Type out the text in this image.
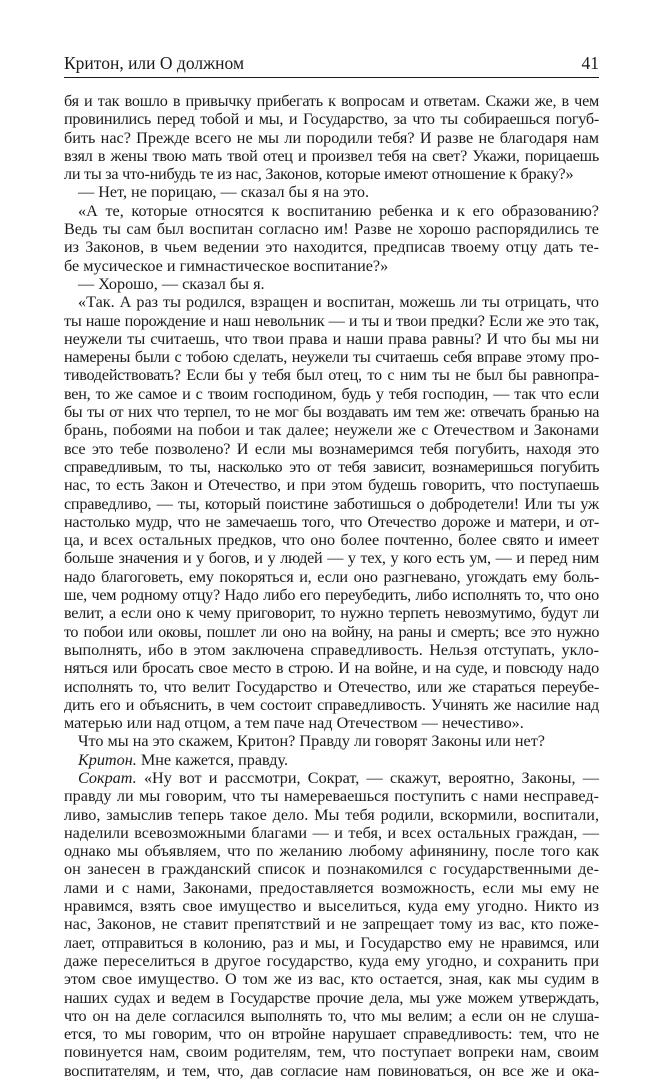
Критон, или О должном	41
бя и так вошло в привычку прибегать к вопросам и ответам. Скажи же, в чем
провинились перед тобой и мы, и Государство, за что ты собираешься погуб-
бить нас? Прежде всего не мы ли породили тебя? И разве не благодаря нам
взял в жены твою мать твой отец и произвел тебя на свет? Укажи, порицаешь
ли ты за что-нибудь те из нас, Законов, которые имеют отношение к браку?»
— Нет, не порицаю, — сказал бы я на это.
«А те, которые относятся к воспитанию ребенка и к его образованию?
Ведь ты сам был воспитан согласно им! Разве не хорошо распорядились те
из Законов, в чьем ведении это находится, предписав твоему отцу дать те-
бе мусическое и гимнастическое воспитание?»
— Хорошо, — сказал бы я.
«Так. А раз ты родился, взращен и воспитан, можешь ли ты отрицать, что
ты наше порождение и наш невольник — и ты и твои предки? Если же это так,
неужели ты считаешь, что твои права и наши права равны? И что бы мы ни
намерены были с тобою сделать, неужели ты считаешь себя вправе этому про-
тиводействовать? Если бы у тебя был отец, то с ним ты не был бы равнопра-
вен, то же самое и с твоим господином, будь у тебя господин, — так что если
бы ты от них что терпел, то не мог бы воздавать им тем же: отвечать бранью на
брань, побоями на побои и так далее; неужели же с Отечеством и Законами
все это тебе позволено? И если мы вознамеримся тебя погубить, находя это
справедливым, то ты, насколько это от тебя зависит, вознамеришься погубить
нас, то есть Закон и Отечество, и при этом будешь говорить, что поступаешь
справедливо, — ты, который поистине заботишься о добродетели! Или ты уж
настолько мудр, что не замечаешь того, что Отечество дороже и матери, и от-
ца, и всех остальных предков, что оно более почтенно, более свято и имеет
больше значения и у богов, и у людей — у тех, у кого есть ум, — и перед ним
надо благоговеть, ему покоряться и, если оно разгневано, угождать ему боль-
ше, чем родному отцу? Надо либо его переубедить, либо исполнять то, что оно
велит, а если оно к чему приговорит, то нужно терпеть невозмутимо, будут ли
то побои или оковы, пошлет ли оно на войну, на раны и смерть; все это нужно
выполнять, ибо в этом заключена справедливость. Нельзя отступать, укло-
няться или бросать свое место в строю. И на войне, и на суде, и повсюду надо
исполнять то, что велит Государство и Отечество, или же стараться переубе-
дить его и объяснить, в чем состоит справедливость. Учинять же насилие над
матерью или над отцом, а тем паче над Отечеством — нечестиво».
Что мы на это скажем, Критон? Правду ли говорят Законы или нет?
Критон. Мне кажется, правду.
Сократ. «Ну вот и рассмотри, Сократ, — скажут, вероятно, Законы, —
правду ли мы говорим, что ты намереваешься поступить с нами несправед-
ливо, замыслив теперь такое дело. Мы тебя родили, вскормили, воспитали,
наделили всевозможными благами — и тебя, и всех остальных граждан, —
однако мы объявляем, что по желанию любому афинянину, после того как
он занесен в гражданский список и познакомился с государственными де-
лами и с нами, Законами, предоставляется возможность, если мы ему не
нравимся, взять свое имущество и выселиться, куда ему угодно. Никто из
нас, Законов, не ставит препятствий и не запрещает тому из вас, кто поже-
лает, отправиться в колонию, раз и мы, и Государство ему не нравимся, или
даже переселиться в другое государство, куда ему угодно, и сохранить при
этом свое имущество. О том же из вас, кто остается, зная, как мы судим в
наших судах и ведем в Государстве прочие дела, мы уже можем утверждать,
что он на деле согласился выполнять то, что мы велим; а если он не слуша-
ется, то мы говорим, что он втройне нарушает справедливость: тем, что не
повинуется нам, своим родителям, тем, что поступает вопреки нам, своим
воспитателям, и тем, что, дав согласие нам повиноваться, он все же и ока-
